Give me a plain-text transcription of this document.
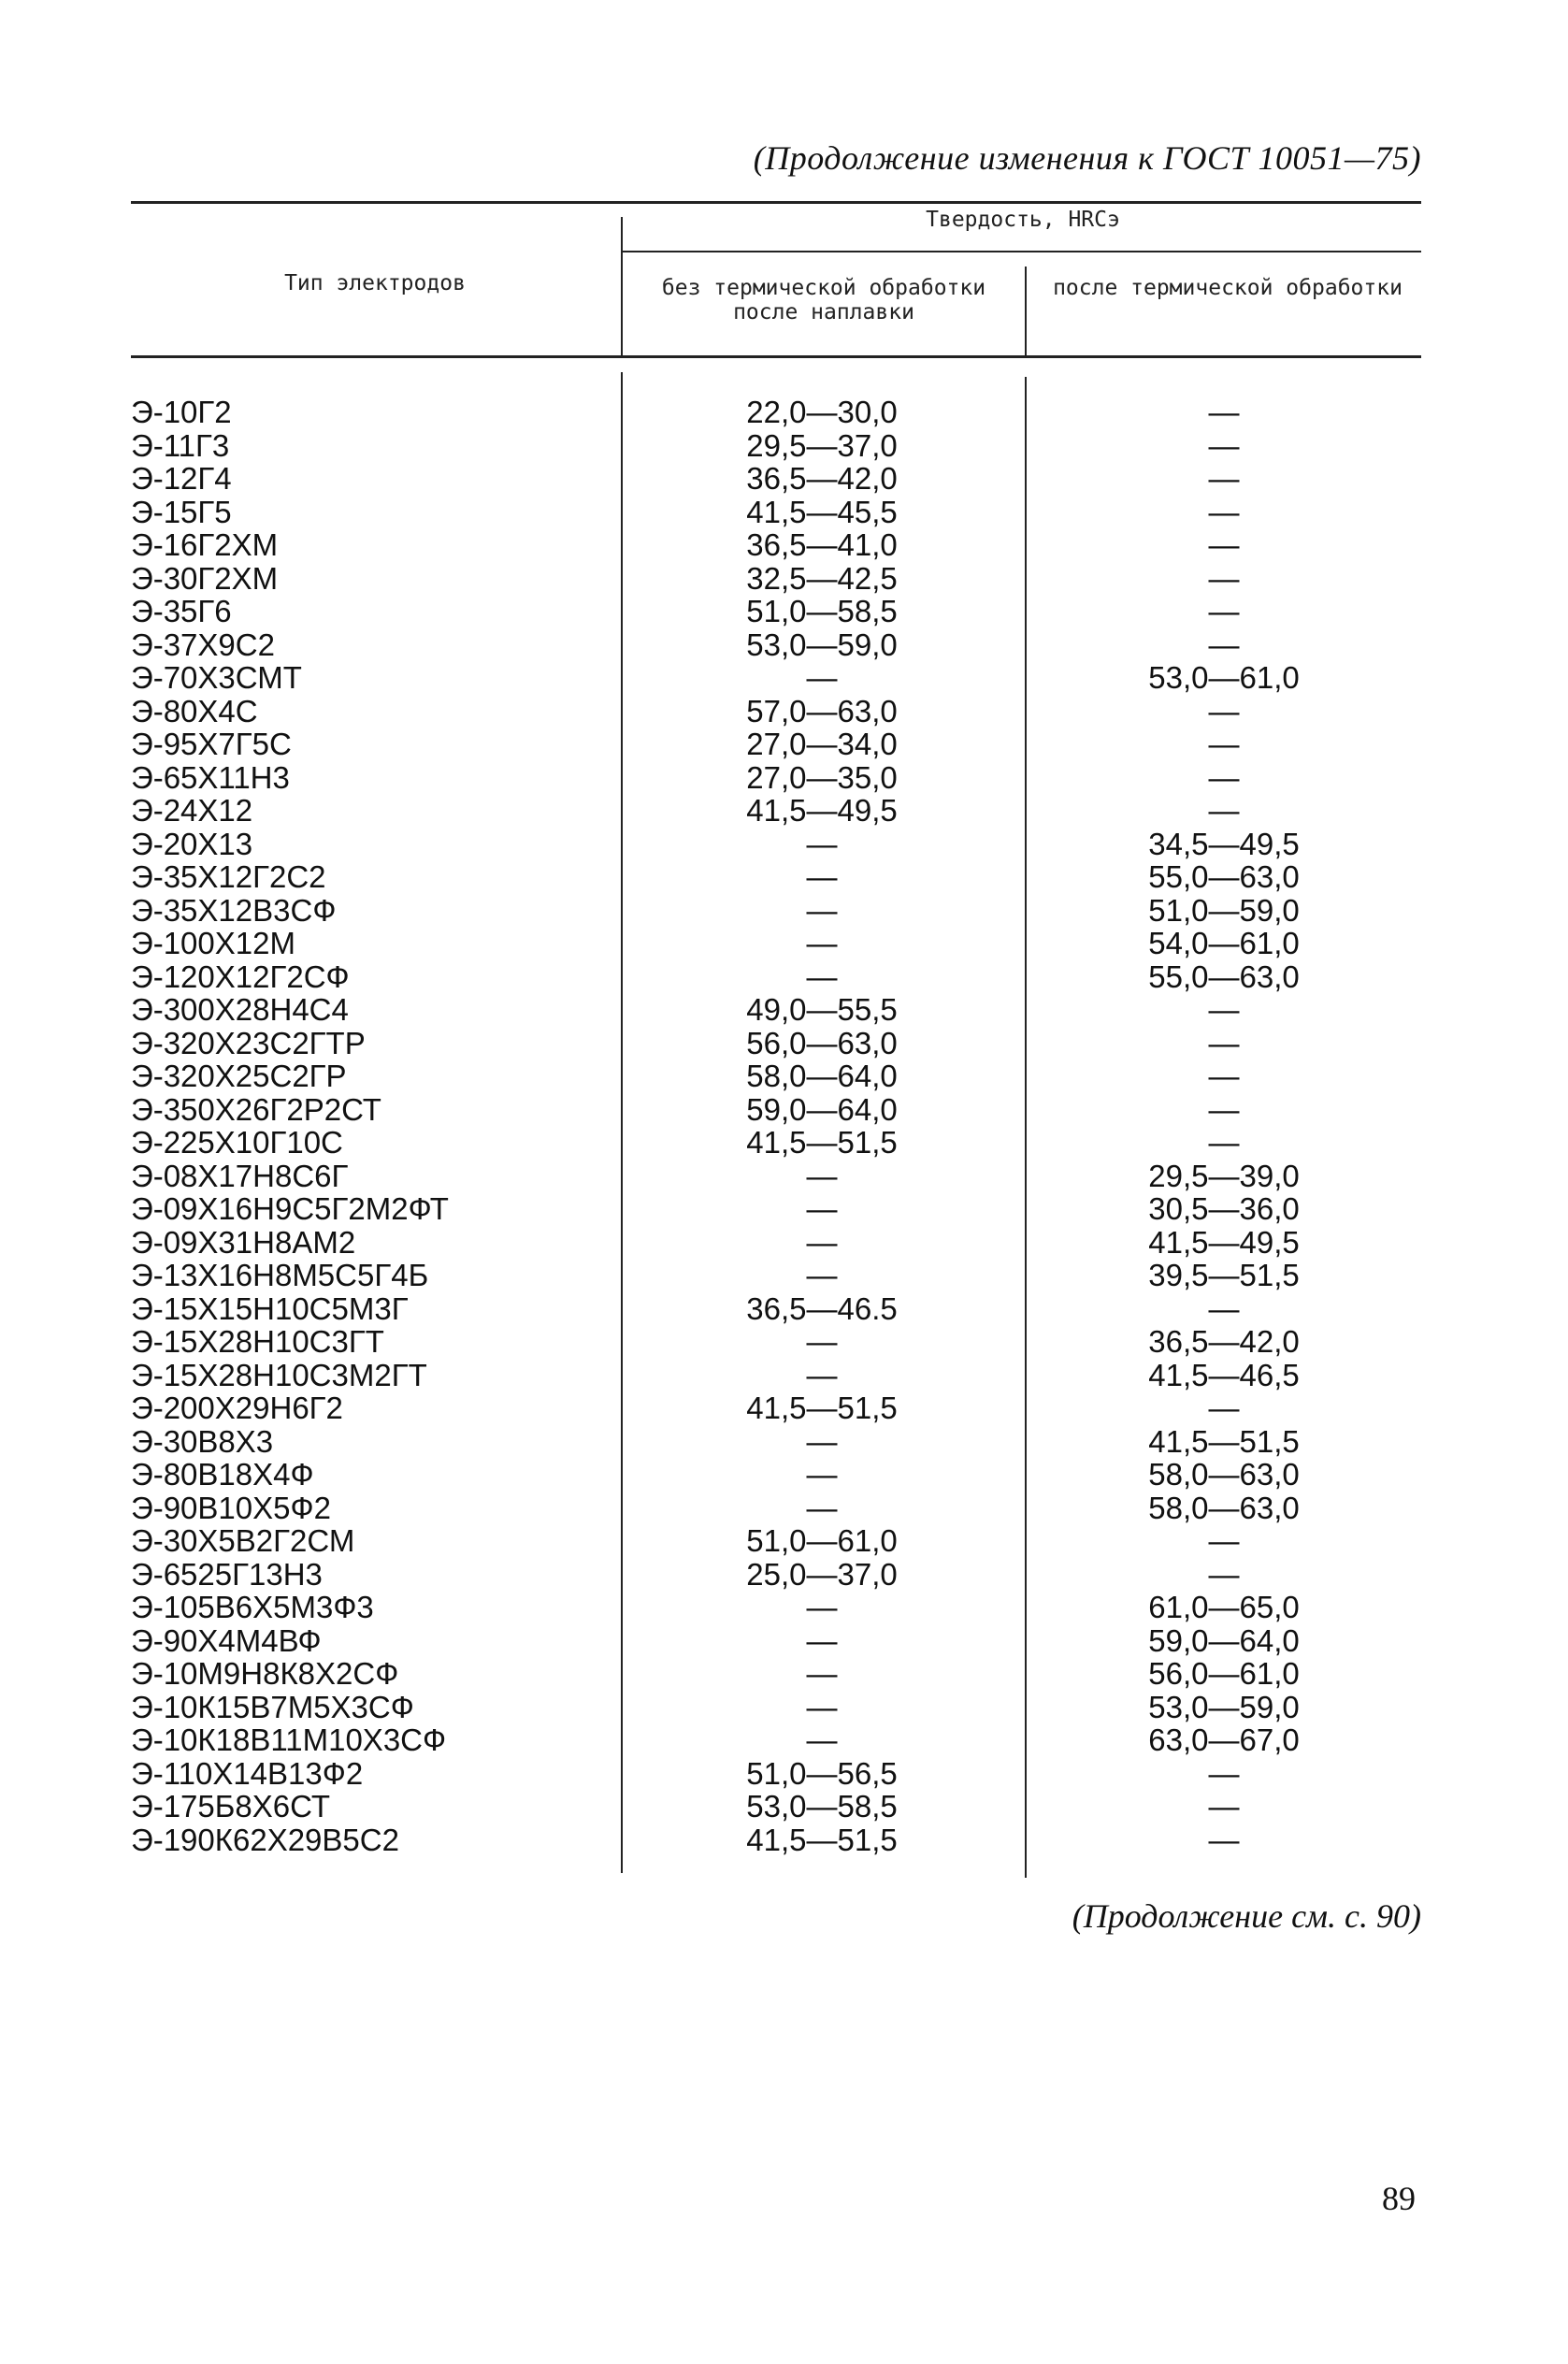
(Продолжение изменения к ГОСТ 10051—75)
Тип электродов
Твердость, HRCэ
без термической обработки после наплавки
после термической обработки
Э-10Г2
Э-11Г3
Э-12Г4
Э-15Г5
Э-16Г2ХМ
Э-30Г2ХМ
Э-35Г6
Э-37Х9С2
Э-70Х3СМТ
Э-80Х4С
Э-95Х7Г5С
Э-65Х11Н3
Э-24Х12
Э-20Х13
Э-35Х12Г2С2
Э-35Х12В3СФ
Э-100Х12М
Э-120Х12Г2СФ
Э-300Х28Н4С4
Э-320Х23С2ГТР
Э-320Х25С2ГР
Э-350Х26Г2Р2СТ
Э-225Х10Г10С
Э-08Х17Н8С6Г
Э-09Х16Н9С5Г2М2ФТ
Э-09Х31Н8АМ2
Э-13Х16Н8М5С5Г4Б
Э-15Х15Н10С5М3Г
Э-15Х28Н10С3ГТ
Э-15Х28Н10С3М2ГТ
Э-200Х29Н6Г2
Э-30В8Х3
Э-80В18Х4Ф
Э-90В10Х5Ф2
Э-30Х5В2Г2СМ
Э-6525Г13Н3
Э-105В6Х5М3Ф3
Э-90Х4М4ВФ
Э-10М9Н8К8Х2СФ
Э-10К15В7М5Х3СФ
Э-10К18В11М10Х3СФ
Э-110Х14В13Ф2
Э-175Б8Х6СТ
Э-190К62Х29В5С2
22,0—30,0
29,5—37,0
36,5—42,0
41,5—45,5
36,5—41,0
32,5—42,5
51,0—58,5
53,0—59,0
—
57,0—63,0
27,0—34,0
27,0—35,0
41,5—49,5
—
—
—
—
—
49,0—55,5
56,0—63,0
58,0—64,0
59,0—64,0
41,5—51,5
—
—
—
—
36,5—46.5
—
—
41,5—51,5
—
—
—
51,0—61,0
25,0—37,0
—
—
—
—
—
51,0—56,5
53,0—58,5
41,5—51,5
—
—
—
—
—
—
—
—
53,0—61,0
—
—
—
—
34,5—49,5
55,0—63,0
51,0—59,0
54,0—61,0
55,0—63,0
—
—
—
—
—
29,5—39,0
30,5—36,0
41,5—49,5
39,5—51,5
—
36,5—42,0
41,5—46,5
—
41,5—51,5
58,0—63,0
58,0—63,0
—
—
61,0—65,0
59,0—64,0
56,0—61,0
53,0—59,0
63,0—67,0
—
—
—
(Продолжение см. с. 90)
89
